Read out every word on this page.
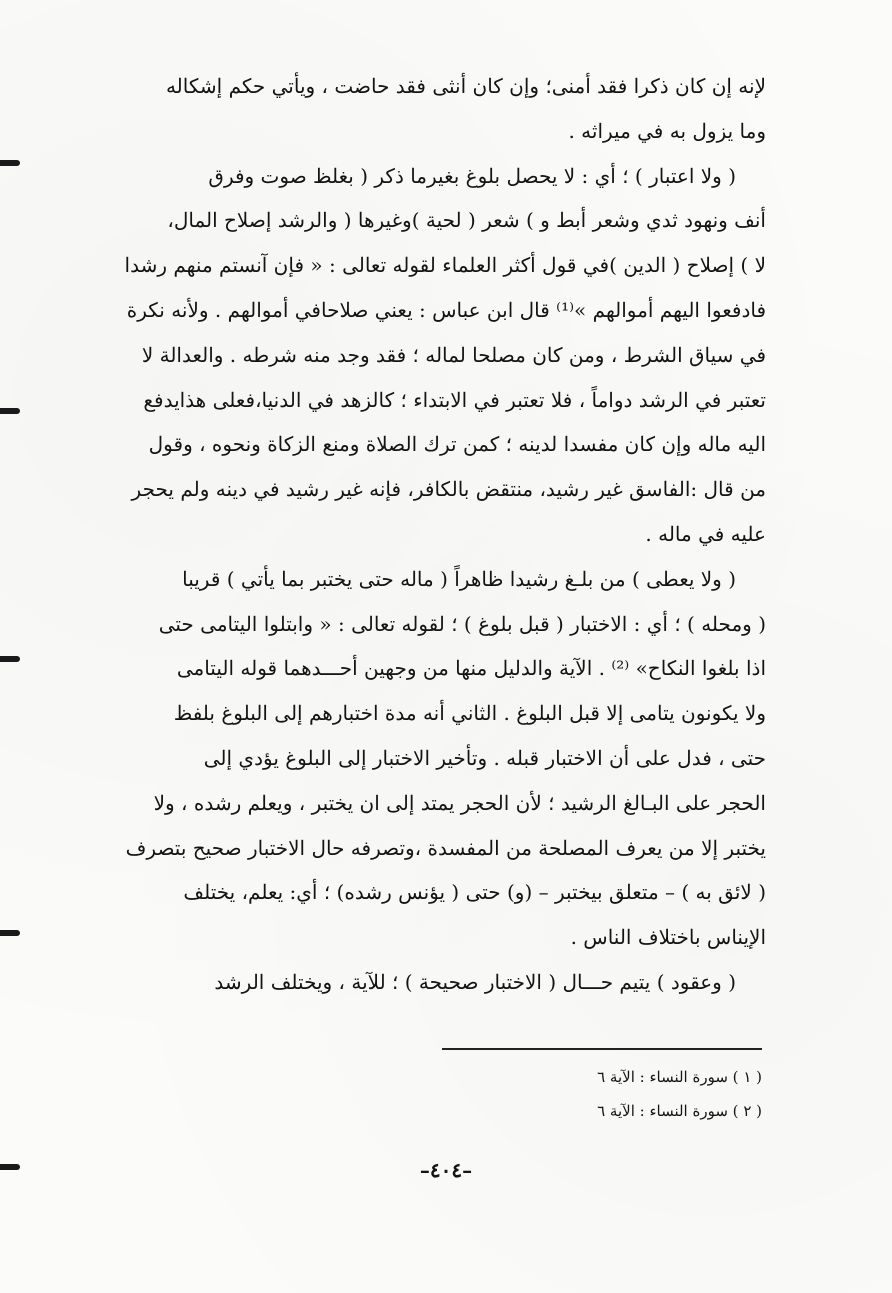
لإنه إن كان ذكرا فقد أمنى؛ وإن كان أنثى فقد حاضت ، ويأتي حكم إشكاله
وما يزول به في ميراثه .
( ولا اعتبار ) ؛ أي : لا يحصل بلوغ بغيرما ذكر ( بغلظ صوت وفرق
أنف ونهود ثدي وشعر أبط و ) شعر ( لحية )وغيرها ( والرشد إصلاح المال،
لا ) إصلاح ( الدين )في قول أكثر العلماء لقوله تعالى : « فإن آنستم منهم رشدا
فادفعوا اليهم أموالهم »⁽¹⁾ قال ابن عباس : يعني صلاحافي أموالهم . ولأنه نكرة
في سياق الشرط ، ومن كان مصلحا لماله ؛ فقد وجد منه شرطه . والعدالة لا
تعتبر في الرشد دواماً ، فلا تعتبر في الابتداء ؛ كالزهد في الدنيا،فعلى هذايدفع
اليه ماله وإن كان مفسدا لدينه ؛ كمن ترك الصلاة ومنع الزكاة ونحوه ، وقول
من قال :الفاسق غير رشيد، منتقض بالكافر، فإنه غير رشيد في دينه ولم يحجر
عليه في ماله .
( ولا يعطى ) من بلـغ رشيدا ظاهراً ( ماله حتى يختبر بما يأتي ) قريبا
( ومحله ) ؛ أي : الاختبار ( قبل بلوغ ) ؛ لقوله تعالى : « وابتلوا اليتامى حتى
اذا بلغوا النكاح» ⁽²⁾ . الآية والدليل منها من وجهين أحـــدهما قوله اليتامى
ولا يكونون يتامى إلا قبل البلوغ . الثاني أنه مدة اختبارهم إلى البلوغ بلفظ
حتى ، فدل على أن الاختبار قبله . وتأخير الاختبار إلى البلوغ يؤدي إلى
الحجر على البـالغ الرشيد ؛ لأن الحجر يمتد إلى ان يختبر ، ويعلم رشده ، ولا
يختبر إلا من يعرف المصلحة من المفسدة ،وتصرفه حال الاختبار صحيح بتصرف
( لائق به ) – متعلق بيختبر – (و) حتى ( يؤنس رشده) ؛ أي: يعلم، يختلف
الإيناس باختلاف الناس .
( وعقود ) يتيم حـــال ( الاختبار صحيحة ) ؛ للآية ، ويختلف الرشد
( ١ ) سورة النساء : الآية ٦
( ٢ ) سورة النساء : الآية ٦
–٤٠٤–
